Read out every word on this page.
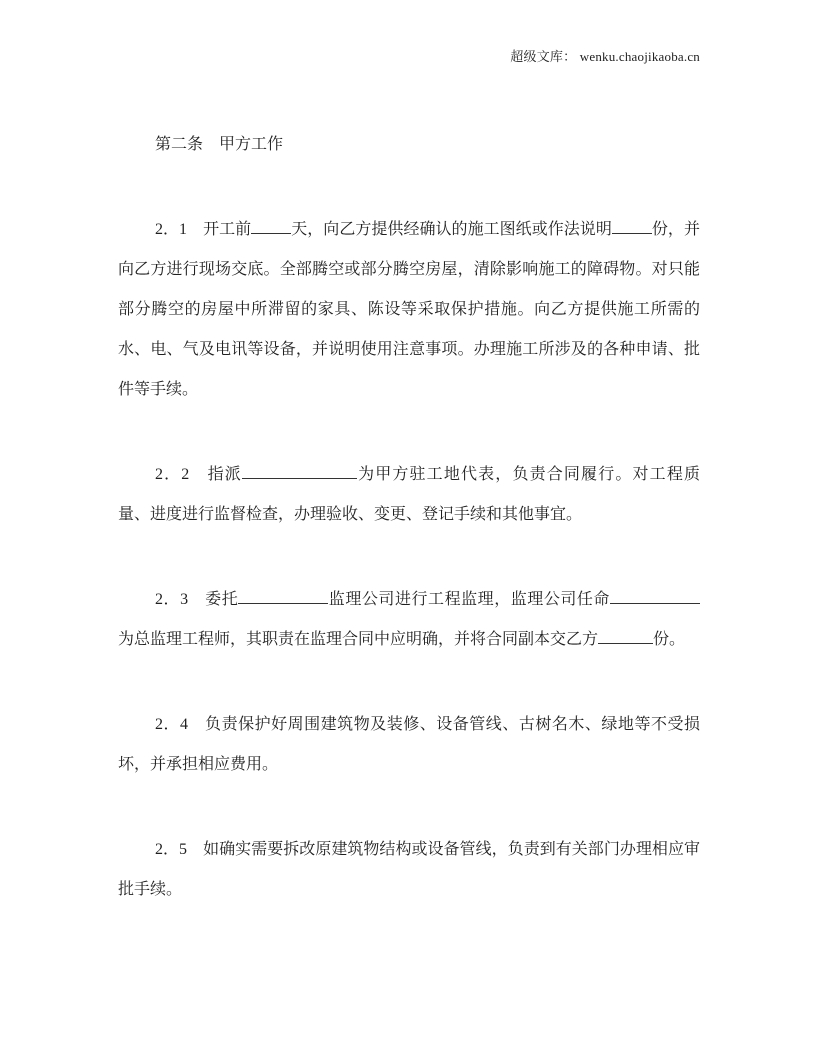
超级文库： wenku.chaojikaoba.cn
第二条　甲方工作

2．1　开工前	天，向乙方提供经确认的施工图纸或作法说明	份，并向乙方进行现场交底。全部腾空或部分腾空房屋，清除影响施工的障碍物。对只能部分腾空的房屋中所滞留的家具、陈设等采取保护措施。向乙方提供施工所需的水、电、气及电讯等设备，并说明使用注意事项。办理施工所涉及的各种申请、批件等手续。

2．2　指派	为甲方驻工地代表，负责合同履行。对工程质量、进度进行监督检查，办理验收、变更、登记手续和其他事宜。

2．3　委托	监理公司进行工程监理，监理公司任命为总监理工程师，其职责在监理合同中应明确，并将合同副本交乙方	份。

2．4　负责保护好周围建筑物及装修、设备管线、古树名木、绿地等不受损坏，并承担相应费用。

2．5　如确实需要拆改原建筑物结构或设备管线，负责到有关部门办理相应审批手续。
